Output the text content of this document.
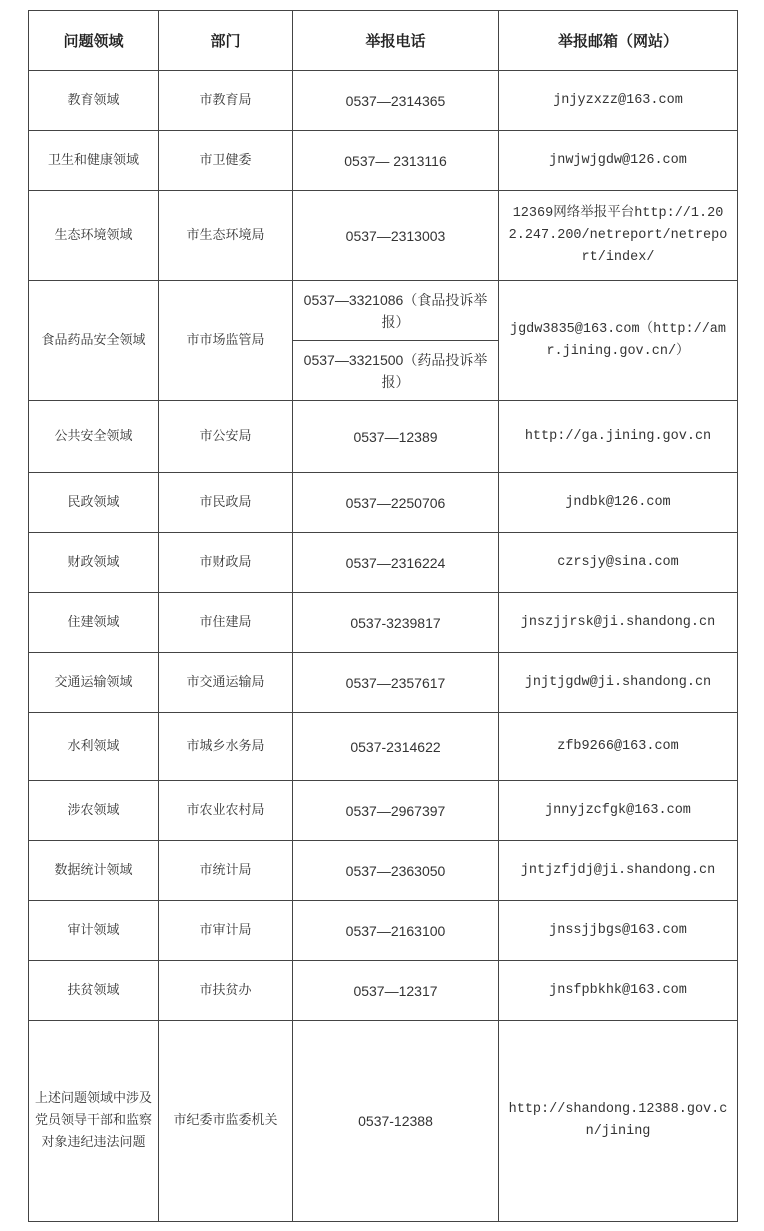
问题领域	部门	举报电话	举报邮箱（网站）
教育领域	市教育局	0537—2314365	jnjyzxzz@163.com
卫生和健康领域	市卫健委	0537— 2313116	jnwjwjgdw@126.com
生态环境领域	市生态环境局	0537—2313003	12369网络举报平台http://1.202.247.200/netreport/netreport/index/
食品药品安全领域	市市场监管局	0537—3321086（食品投诉举报）	jgdw3835@163.com（http://amr.jining.gov.cn/）
		0537—3321500（药品投诉举报）	
公共安全领域	市公安局	0537—12389	http://ga.jining.gov.cn
民政领域	市民政局	0537—2250706	jndbk@126.com
财政领域	市财政局	0537—2316224	czrsjy@sina.com
住建领域	市住建局	0537-3239817	jnszjjrsk@ji.shandong.cn
交通运输领域	市交通运输局	0537—2357617	jnjtjgdw@ji.shandong.cn
水利领域	市城乡水务局	0537-2314622	zfb9266@163.com
涉农领域	市农业农村局	0537—2967397	jnnyjzcfgk@163.com
数据统计领域	市统计局	0537—2363050	jntjzfjdj@ji.shandong.cn
审计领域	市审计局	0537—2163100	jnssjjbgs@163.com
扶贫领域	市扶贫办	0537—12317	jnsfpbkhk@163.com
上述问题领域中涉及党员领导干部和监察对象违纪违法问题	市纪委市监委机关	0537-12388	http://shandong.12388.gov.cn/jining
